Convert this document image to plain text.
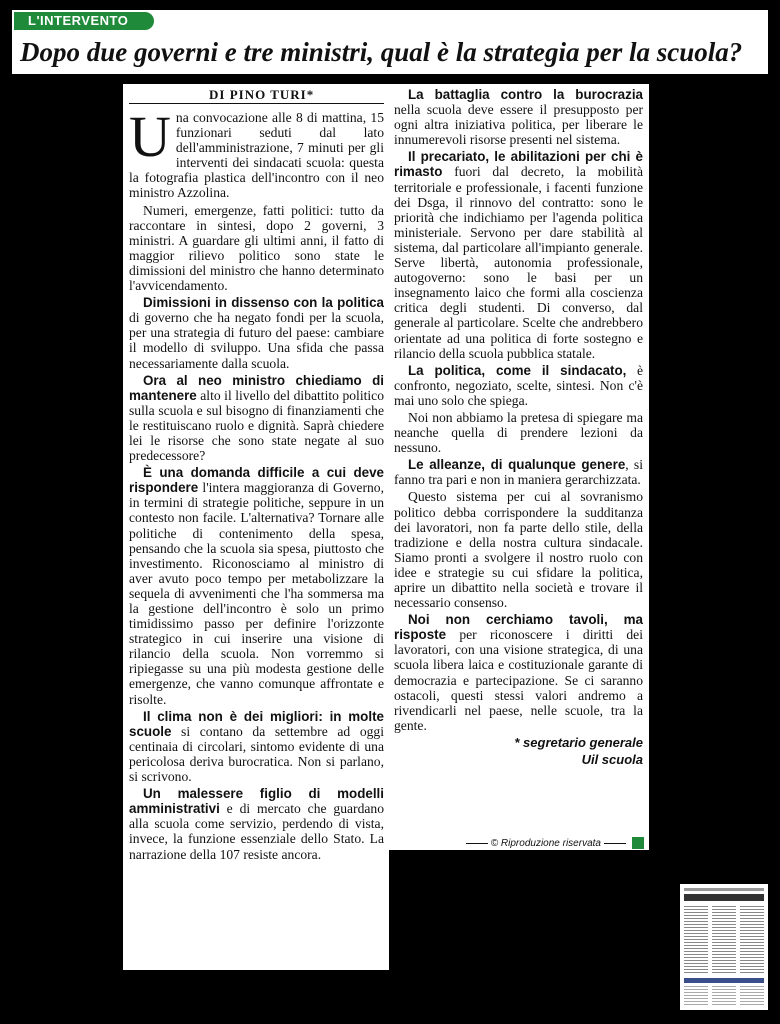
L'INTERVENTO
Dopo due governi e tre ministri, qual è la strategia per la scuola?
DI PINO TURI*

Una convocazione alle 8 di mattina, 15 funzionari seduti dal lato dell'amministrazione, 7 minuti per gli interventi dei sindacati scuola: questa la fotografia plastica dell'incontro con il neo ministro Azzolina.

Numeri, emergenze, fatti politici: tutto da raccontare in sintesi, dopo 2 governi, 3 ministri. A guardare gli ultimi anni, il fatto di maggior rilievo politico sono state le dimissioni del ministro che hanno determinato l'avvicendamento.

Dimissioni in dissenso con la politica di governo che ha negato fondi per la scuola, per una strategia di futuro del paese: cambiare il modello di sviluppo. Una sfida che passa necessariamente dalla scuola.

Ora al neo ministro chiediamo di mantenere alto il livello del dibattito politico sulla scuola e sul bisogno di finanziamenti che le restituiscano ruolo e dignità. Saprà chiedere lei le risorse che sono state negate al suo predecessore?

È una domanda difficile a cui deve rispondere l'intera maggioranza di Governo, in termini di strategie politiche, seppure in un contesto non facile. L'alternativa? Tornare alle politiche di contenimento della spesa, pensando che la scuola sia spesa, piuttosto che investimento. Riconosciamo al ministro di aver avuto poco tempo per metabolizzare la sequela di avvenimenti che l'ha sommersa ma la gestione dell'incontro è solo un primo timidissimo passo per definire l'orizzonte strategico in cui inserire una visione di rilancio della scuola. Non vorremmo si ripiegasse su una più modesta gestione delle emergenze, che vanno comunque affrontate e risolte.

Il clima non è dei migliori: in molte scuole si contano da settembre ad oggi centinaia di circolari, sintomo evidente di una pericolosa deriva burocratica. Non si parlano, si scrivono.

Un malessere figlio di modelli amministrativi e di mercato che guardano alla scuola come servizio, perdendo di vista, invece, la funzione essenziale dello Stato. La narrazione della 107 resiste ancora.

La battaglia contro la burocrazia nella scuola deve essere il presupposto per ogni altra iniziativa politica, per liberare le innumerevoli risorse presenti nel sistema.

Il precariato, le abilitazioni per chi è rimasto fuori dal decreto, la mobilità territoriale e professionale, i facenti funzione dei Dsga, il rinnovo del contratto: sono le priorità che indichiamo per l'agenda politica ministeriale. Servono per dare stabilità al sistema, dal particolare all'impianto generale. Serve libertà, autonomia professionale, autogoverno: sono le basi per un insegnamento laico che formi alla coscienza critica degli studenti. Di converso, dal generale al particolare. Scelte che andrebbero orientate ad una politica di forte sostegno e rilancio della scuola pubblica statale.

La politica, come il sindacato, è confronto, negoziato, scelte, sintesi. Non c'è mai uno solo che spiega.

Noi non abbiamo la pretesa di spiegare ma neanche quella di prendere lezioni da nessuno.

Le alleanze, di qualunque genere, si fanno tra pari e non in maniera gerarchizzata.

Questo sistema per cui al sovranismo politico debba corrispondere la sudditanza dei lavoratori, non fa parte dello stile, della tradizione e della nostra cultura sindacale. Siamo pronti a svolgere il nostro ruolo con idee e strategie su cui sfidare la politica, aprire un dibattito nella società e trovare il necessario consenso.

Noi non cerchiamo tavoli, ma risposte per riconoscere i diritti dei lavoratori, con una visione strategica, di una scuola libera laica e costituzionale garante di democrazia e partecipazione. Se ci saranno ostacoli, questi stessi valori andremo a rivendicarli nel paese, nelle scuole, tra la gente.

* segretario generale
Uil scuola
© Riproduzione riservata
